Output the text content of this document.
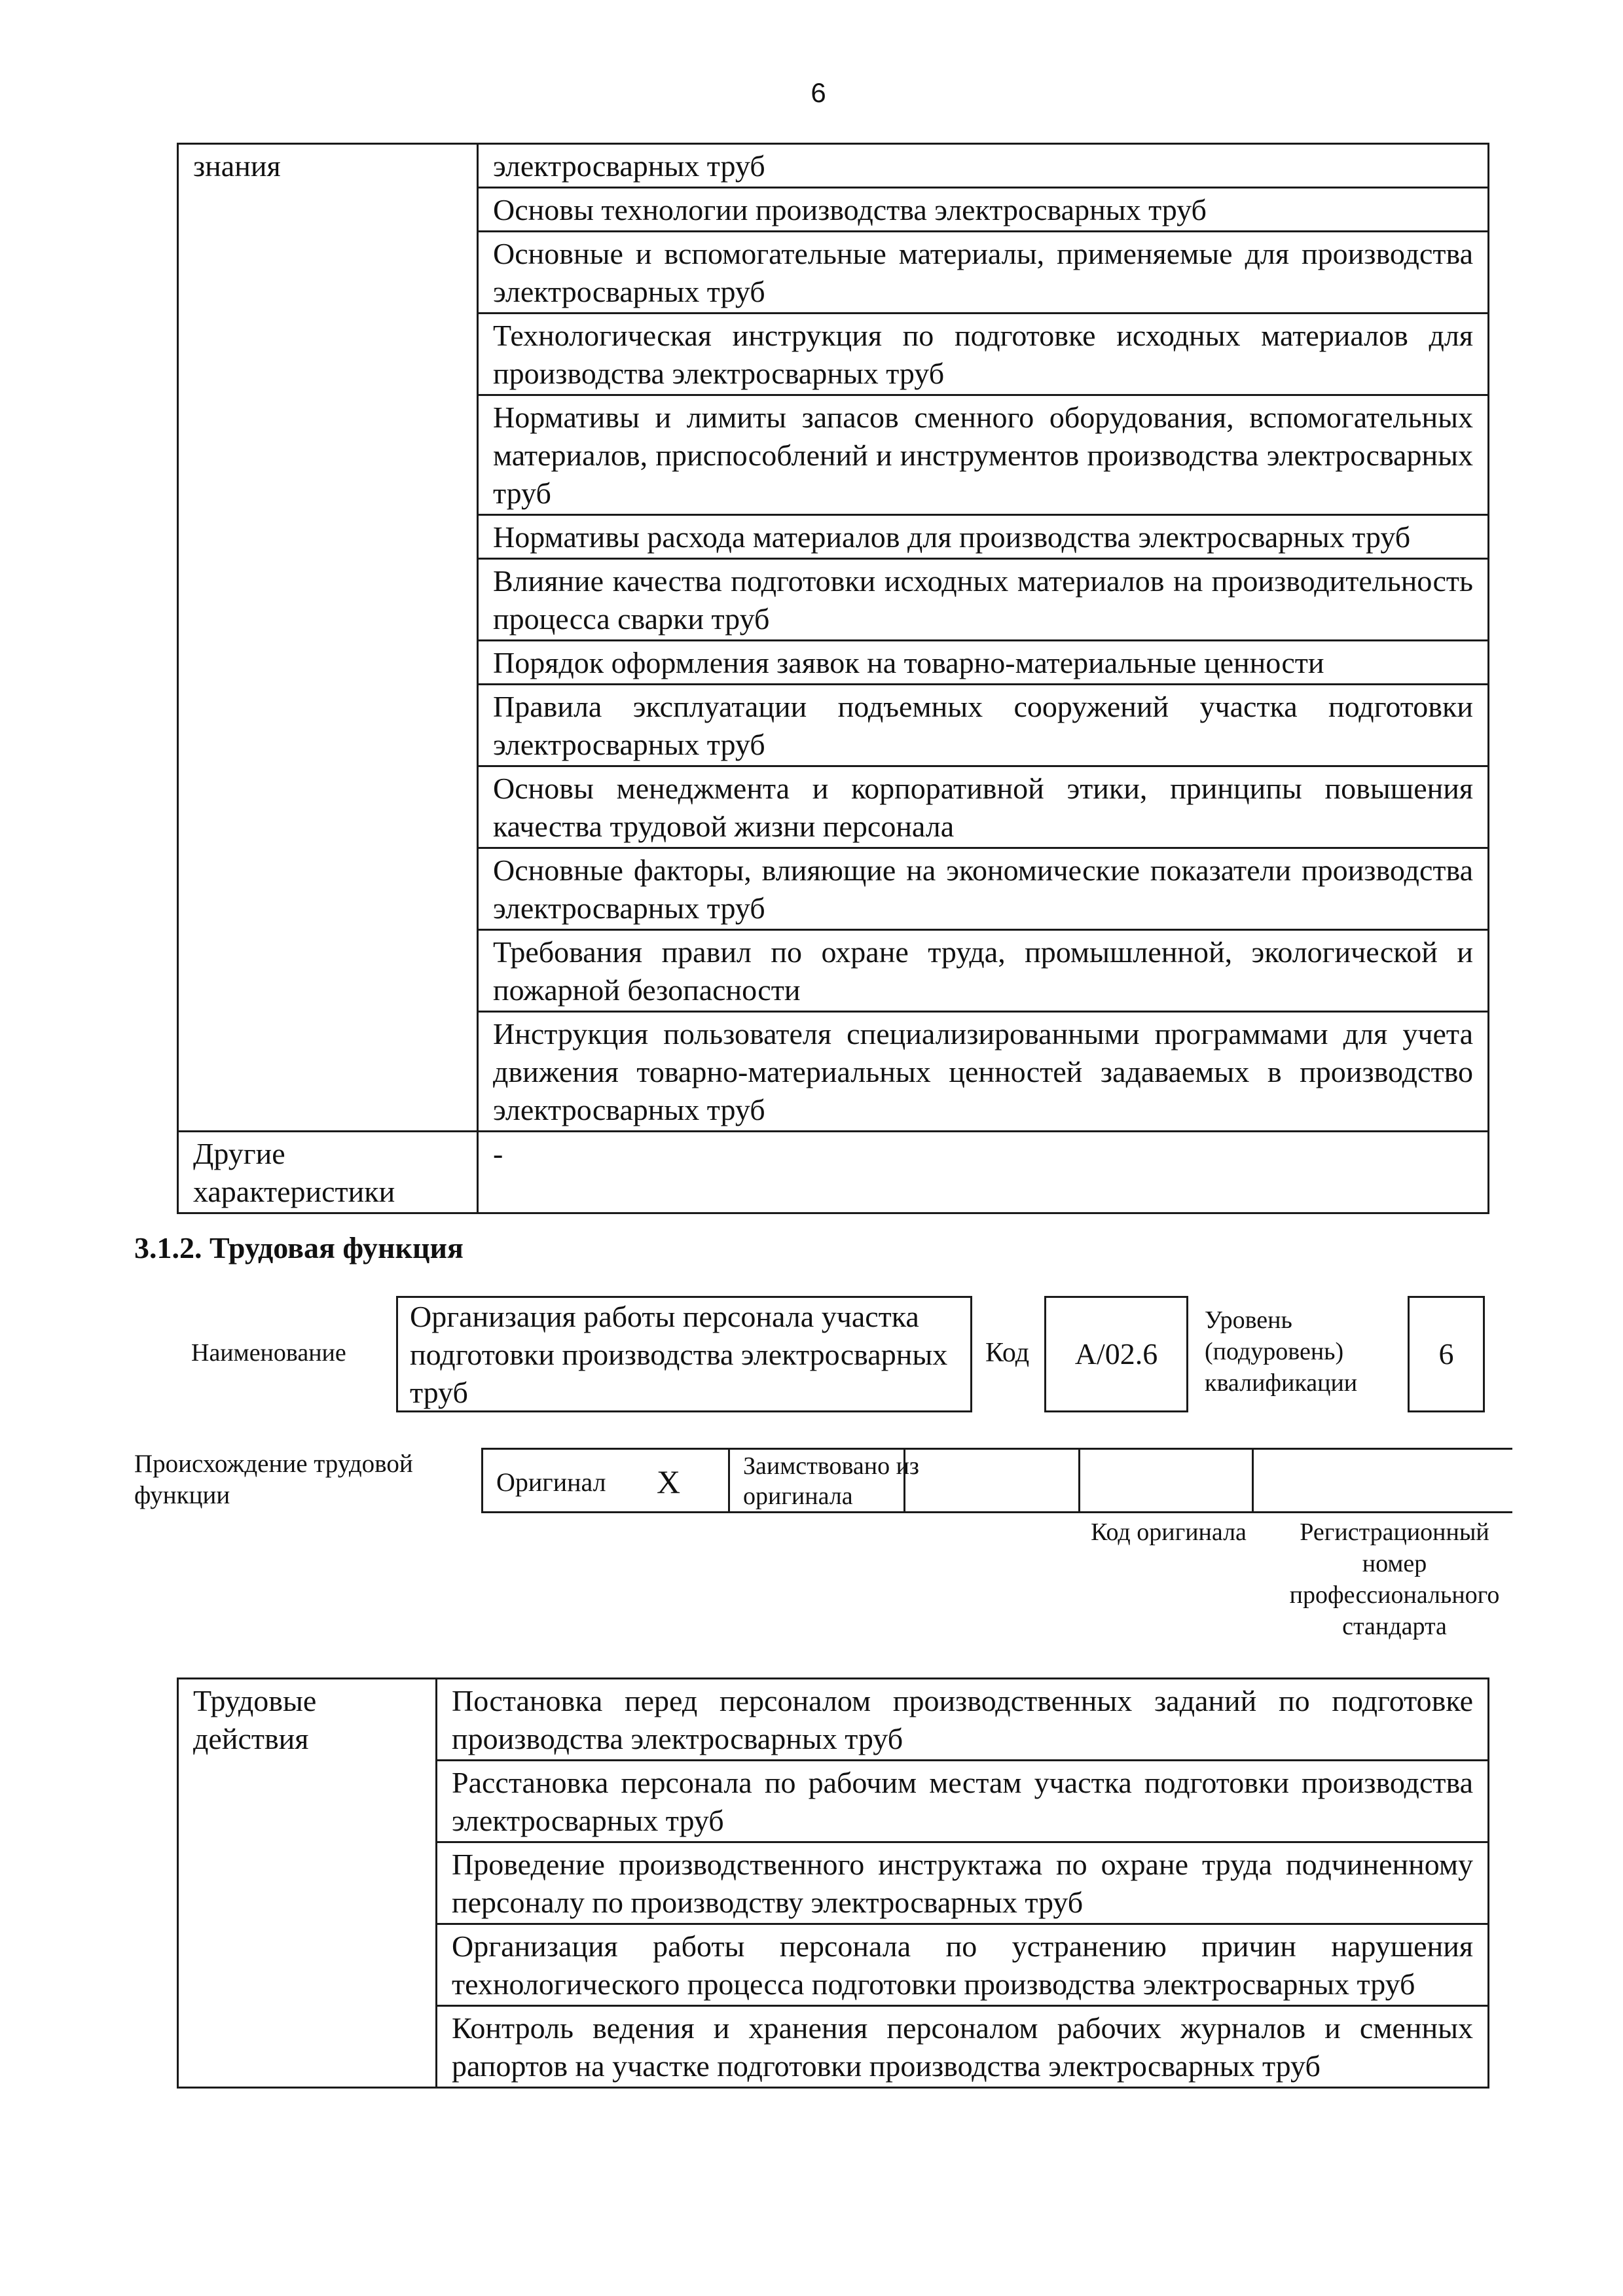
6
знания	электросварных труб
	Основы технологии производства электросварных труб
	Основные и вспомогательные материалы, применяемые для производства электросварных труб
	Технологическая инструкция по подготовке исходных материалов для производства электросварных труб
	Нормативы и лимиты запасов сменного оборудования, вспомогательных материалов, приспособлений и инструментов производства электросварных труб
	Нормативы расхода материалов для производства электросварных труб
	Влияние качества подготовки исходных материалов на производительность процесса сварки труб
	Порядок оформления заявок на товарно-материальные ценности
	Правила эксплуатации подъемных сооружений участка подготовки электросварных труб
	Основы менеджмента и корпоративной этики, принципы повышения качества трудовой жизни персонала
	Основные факторы, влияющие на экономические показатели производства электросварных труб
	Требования правил по охране труда, промышленной, экологической и пожарной безопасности
	Инструкция пользователя специализированными программами для учета движения товарно-материальных ценностей задаваемых в производство электросварных труб
Другие характеристики	-
3.1.2. Трудовая функция
Наименование
Организация работы персонала участка подготовки производства электросварных труб
Код А/02.6
Уровень (подуровень) квалификации
6
Происхождение трудовой функции	Оригинал X	Заимствовано из оригинала
Код оригинала	Регистрационный номер профессионального стандарта
Трудовые действия	Постановка перед персоналом производственных заданий по подготовке производства электросварных труб
Расстановка персонала по рабочим местам участка подготовки производства электросварных труб
Проведение производственного инструктажа по охране труда подчиненному персоналу по производству электросварных труб
Организация работы персонала по устранению причин нарушения технологического процесса подготовки производства электросварных труб
Контроль ведения и хранения персоналом рабочих журналов и сменных рапортов на участке подготовки производства электросварных труб
